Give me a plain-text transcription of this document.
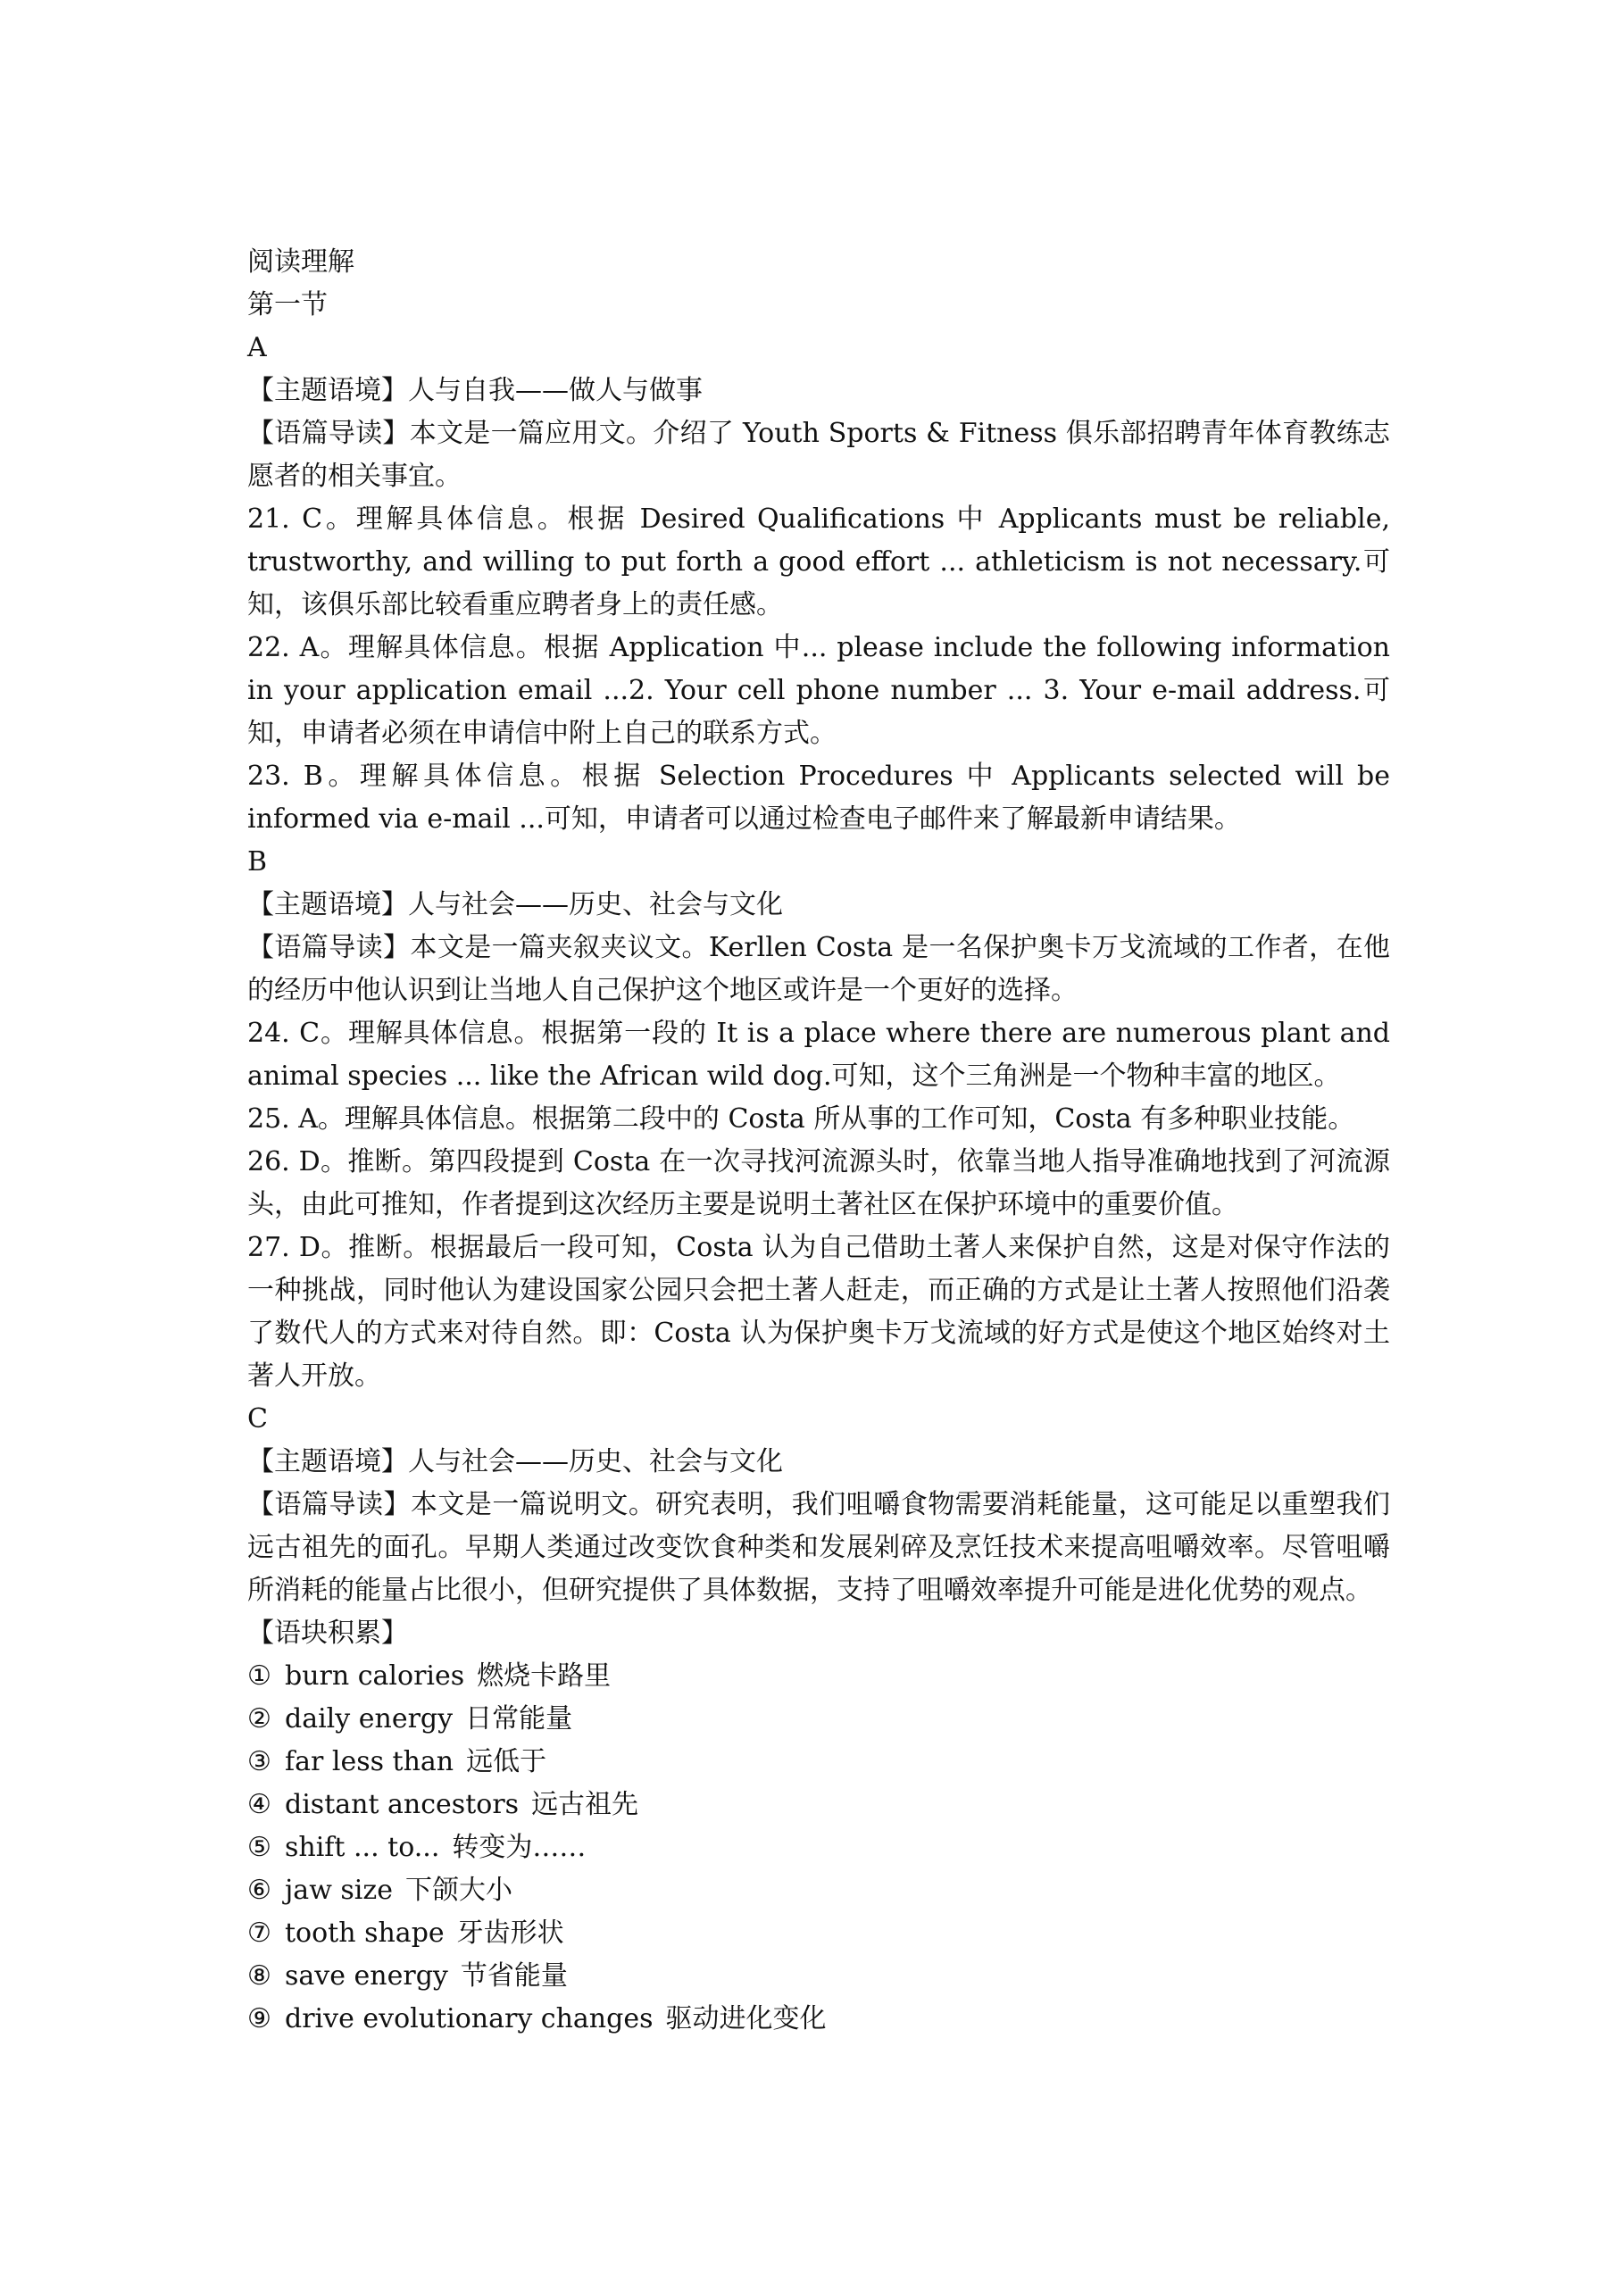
阅读理解
第一节
A
【主题语境】人与自我——做人与做事

【语篇导读】本文是一篇应用文。介绍了 Youth Sports & Fitness 俱乐部招聘青年体育教练志愿者的相关事宜。

21. C。理解具体信息。根据 Desired Qualifications 中 Applicants must be reliable, trustworthy, and willing to put forth a good effort ... athleticism is not necessary.可知，该俱乐部比较看重应聘者身上的责任感。

22. A。理解具体信息。根据 Application 中... please include the following information in your application email ...2. Your cell phone number ... 3. Your e-mail address.可知，申请者必须在申请信中附上自己的联系方式。

23. B。理解具体信息。根据 Selection Procedures 中 Applicants selected will be informed via e-mail ...可知，申请者可以通过检查电子邮件来了解最新申请结果。

B
【主题语境】人与社会——历史、社会与文化

【语篇导读】本文是一篇夹叙夹议文。Kerllen Costa 是一名保护奥卡万戈流域的工作者，在他的经历中他认识到让当地人自己保护这个地区或许是一个更好的选择。

24. C。理解具体信息。根据第一段的 It is a place where there are numerous plant and animal species ... like the African wild dog.可知，这个三角洲是一个物种丰富的地区。

25. A。理解具体信息。根据第二段中的 Costa 所从事的工作可知，Costa 有多种职业技能。

26. D。推断。第四段提到 Costa 在一次寻找河流源头时，依靠当地人指导准确地找到了河流源头，由此可推知，作者提到这次经历主要是说明土著社区在保护环境中的重要价值。

27. D。推断。根据最后一段可知，Costa 认为自己借助土著人来保护自然，这是对保守作法的一种挑战，同时他认为建设国家公园只会把土著人赶走，而正确的方式是让土著人按照他们沿袭了数代人的方式来对待自然。即：Costa 认为保护奥卡万戈流域的好方式是使这个地区始终对土著人开放。

C
【主题语境】人与社会——历史、社会与文化

【语篇导读】本文是一篇说明文。研究表明，我们咀嚼食物需要消耗能量，这可能足以重塑我们远古祖先的面孔。早期人类通过改变饮食种类和发展剁碎及烹饪技术来提高咀嚼效率。尽管咀嚼所消耗的能量占比很小，但研究提供了具体数据，支持了咀嚼效率提升可能是进化优势的观点。

【语块积累】
① burn calories 燃烧卡路里
② daily energy 日常能量
③ far less than 远低于
④ distant ancestors 远古祖先
⑤ shift ... to... 转变为……
⑥ jaw size 下颌大小
⑦ tooth shape 牙齿形状
⑧ save energy 节省能量
⑨ drive evolutionary changes 驱动进化变化
